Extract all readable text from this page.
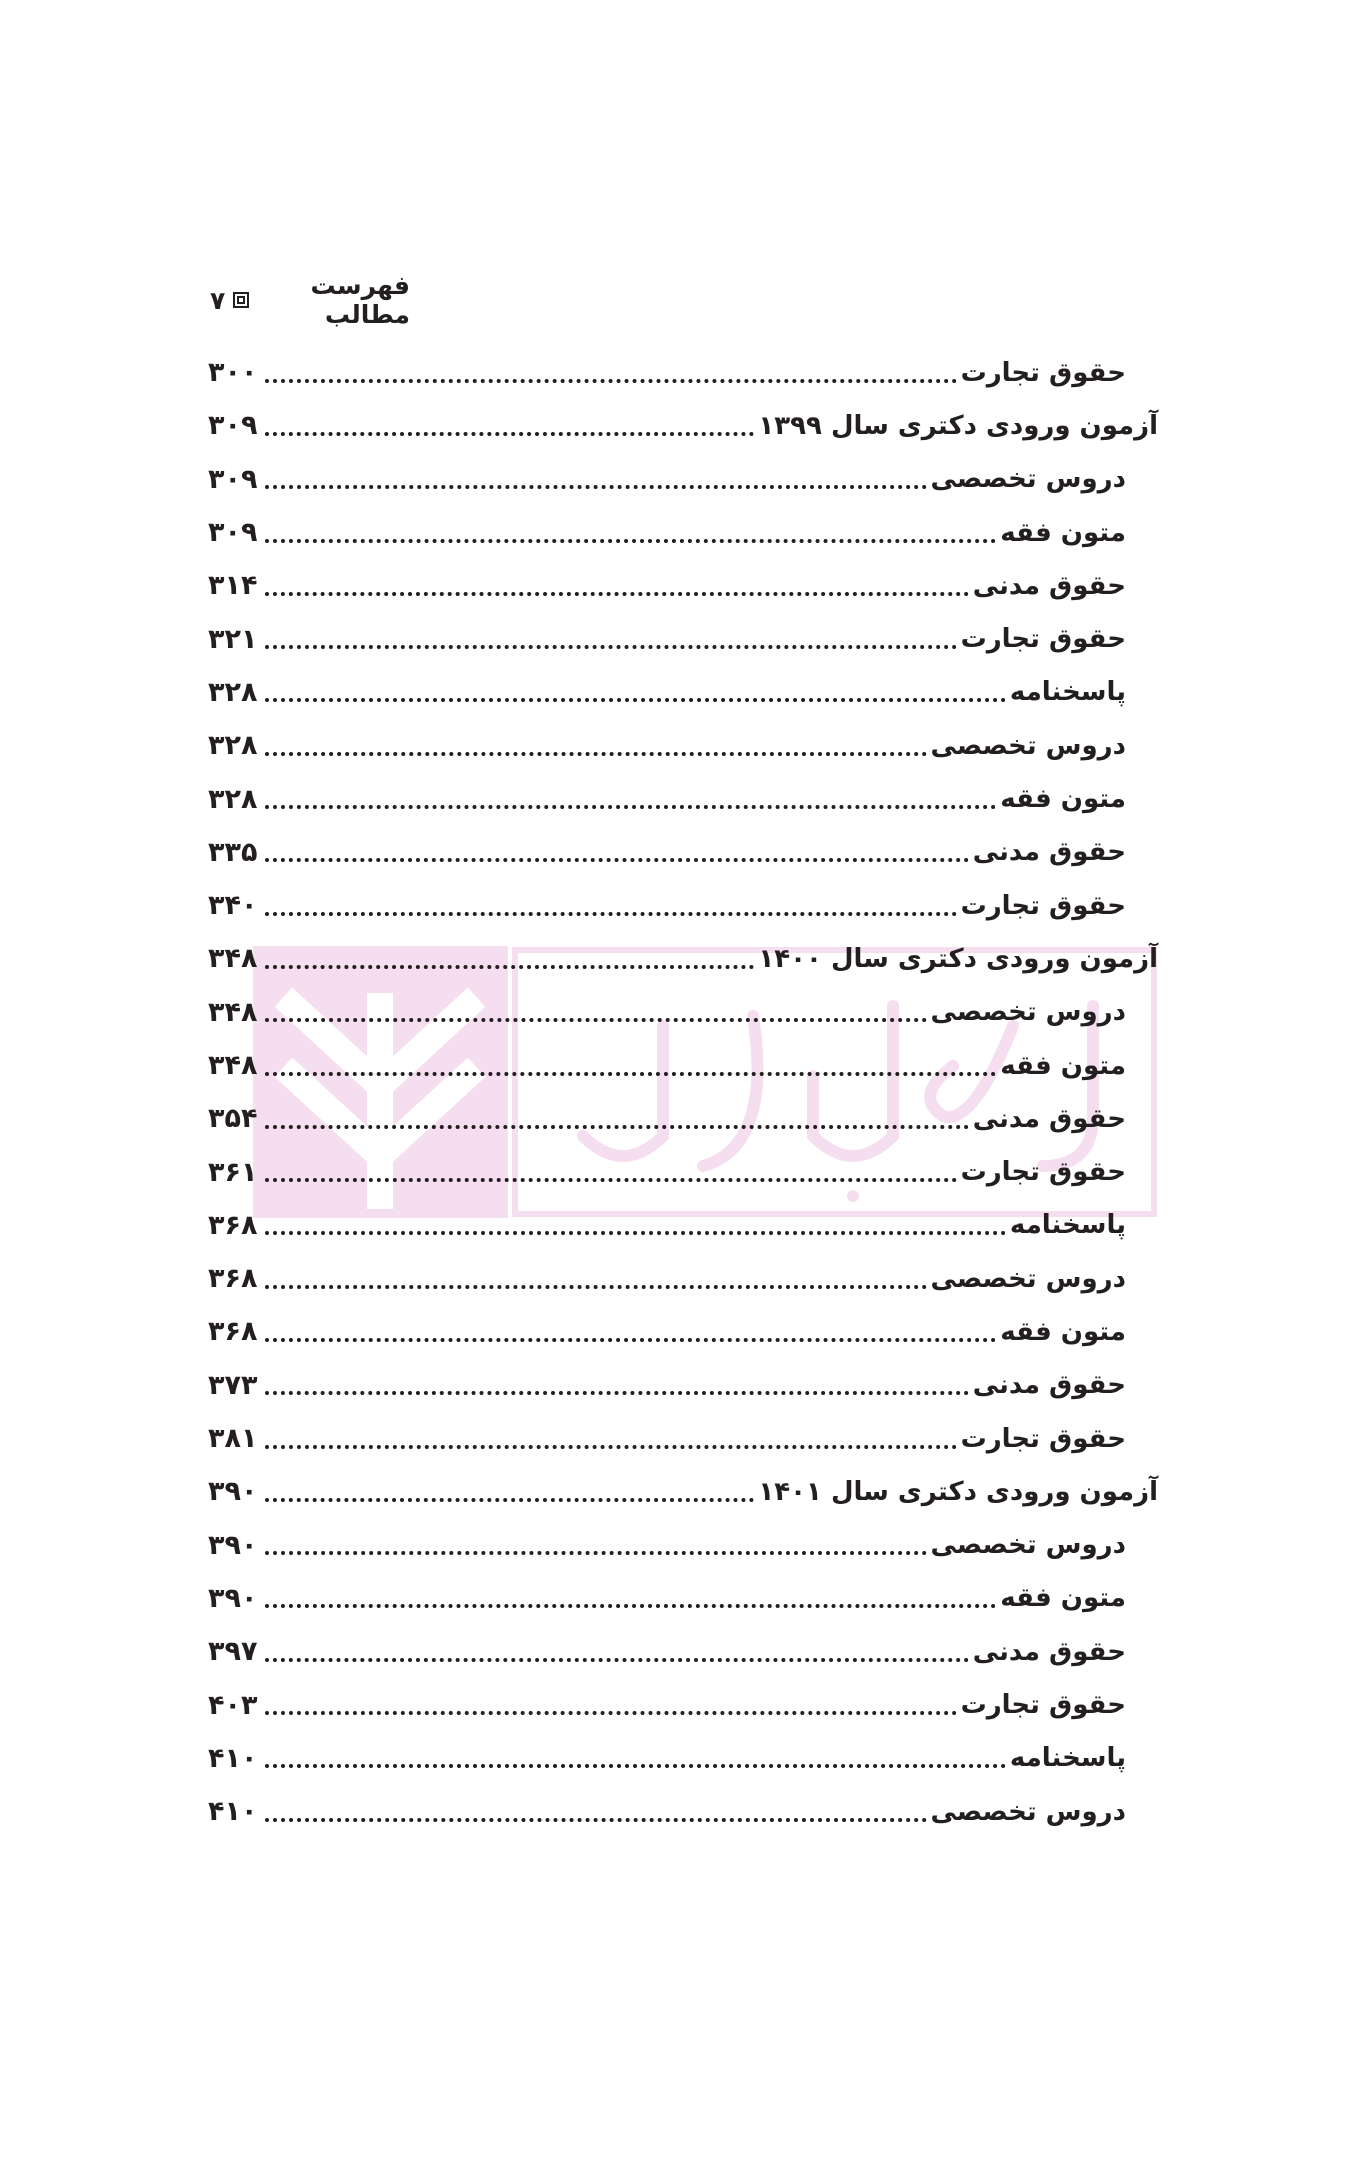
فهرست مطالب
۷
حقوق تجارت
۳۰۰
آزمون ورودی دکتری سال ۱۳۹۹
۳۰۹
دروس تخصصی
۳۰۹
متون فقه
۳۰۹
حقوق مدنی
۳۱۴
حقوق تجارت
۳۲۱
پاسخنامه
۳۲۸
دروس تخصصی
۳۲۸
متون فقه
۳۲۸
حقوق مدنی
۳۳۵
حقوق تجارت
۳۴۰
آزمون ورودی دکتری سال ۱۴۰۰
۳۴۸
دروس تخصصی
۳۴۸
متون فقه
۳۴۸
حقوق مدنی
۳۵۴
حقوق تجارت
۳۶۱
پاسخنامه
۳۶۸
دروس تخصصی
۳۶۸
متون فقه
۳۶۸
حقوق مدنی
۳۷۳
حقوق تجارت
۳۸۱
آزمون ورودی دکتری سال ۱۴۰۱
۳۹۰
دروس تخصصی
۳۹۰
متون فقه
۳۹۰
حقوق مدنی
۳۹۷
حقوق تجارت
۴۰۳
پاسخنامه
۴۱۰
دروس تخصصی
۴۱۰
